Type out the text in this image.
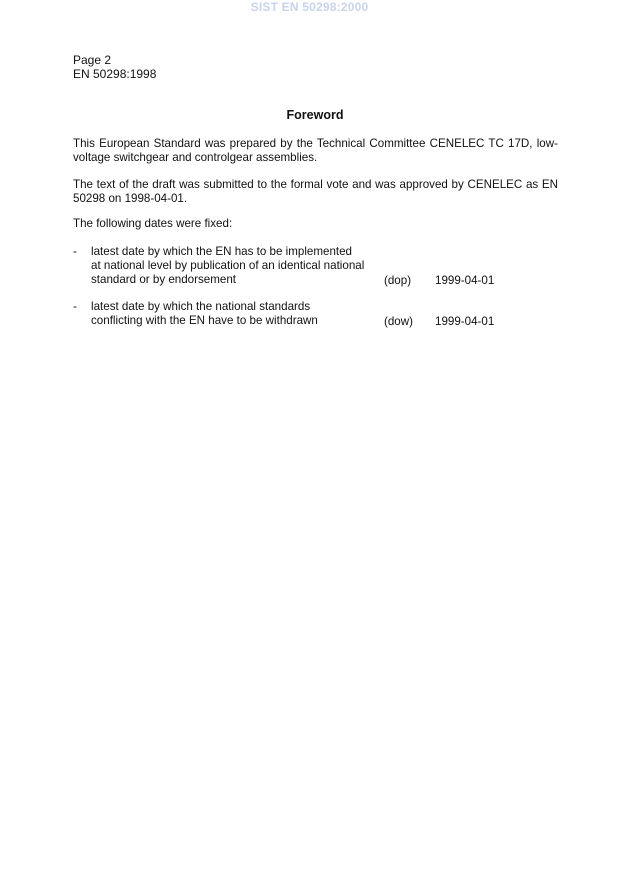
SIST EN 50298:2000
Page 2
EN 50298:1998
Foreword
This European Standard was prepared by the Technical Committee CENELEC TC 17D, low-voltage switchgear and controlgear assemblies.
The text of the draft was submitted to the formal vote and was approved by CENELEC as EN 50298 on 1998-04-01.
The following dates were fixed:
- latest date by which the EN has to be implemented
at national level by publication of an identical national
standard or by endorsement	(dop) 1999-04-01
- latest date by which the national standards
conflicting with the EN have to be withdrawn	(dow) 1999-04-01
